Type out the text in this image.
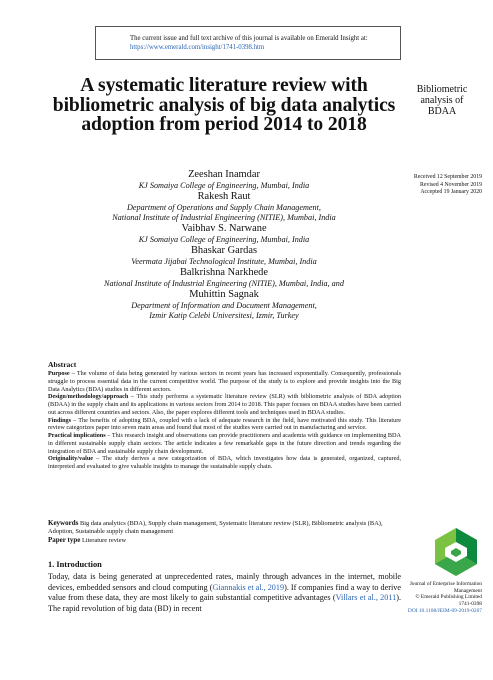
The current issue and full text archive of this journal is available on Emerald Insight at:
https://www.emerald.com/insight/1741-0398.htm
A systematic literature review with bibliometric analysis of big data analytics adoption from period 2014 to 2018
Bibliometric
analysis of
BDAA
Received 12 September 2019
Revised 4 November 2019
Accepted 19 January 2020
Zeeshan Inamdar
KJ Somaiya College of Engineering, Mumbai, India
Rakesh Raut
Department of Operations and Supply Chain Management,
National Institute of Industrial Engineering (NITIE), Mumbai, India
Vaibhav S. Narwane
KJ Somaiya College of Engineering, Mumbai, India
Bhaskar Gardas
Veermata Jijabai Technological Institute, Mumbai, India
Balkrishna Narkhede
National Institute of Industrial Engineering (NITIE), Mumbai, India, and
Muhittin Sagnak
Department of Information and Document Management,
Izmir Katip Celebi Universitesi, Izmir, Turkey
Abstract
Purpose – The volume of data being generated by various sectors in recent years has increased exponentially. Consequently, professionals struggle to process essential data in the current competitive world. The purpose of the study is to explore and provide insights into the Big Data Analytics (BDA) studies in different sectors.
Design/methodology/approach – This study performs a systematic literature review (SLR) with bibliometric analysis of BDA adoption (BDAA) in the supply chain and its applications in various sectors from 2014 to 2018. This paper focuses on BDAA studies have been carried out across different countries and sectors. Also, the paper explores different tools and techniques used in BDAA studies.
Findings – The benefits of adopting BDA, coupled with a lack of adequate research in the field, have motivated this study. This literature review categorizes paper into seven main areas and found that most of the studies were carried out in manufacturing and service.
Practical implications – This research insight and observations can provide practitioners and academia with guidance on implementing BDA in different sustainable supply chain sectors. The article indicates a few remarkable gaps in the future direction and trends regarding the integration of BDA and sustainable supply chain development.
Originality/value – The study derives a new categorization of BDA, which investigates how data is generated, organized, captured, interpreted and evaluated to give valuable insights to manage the sustainable supply chain.
Keywords Big data analytics (BDA), Supply chain management, Systematic literature review (SLR), Bibliometric analysis (BA), Adoption, Sustainable supply chain management
Paper type Literature review
1. Introduction
Today, data is being generated at unprecedented rates, mainly through advances in the internet, mobile devices, embedded sensors and cloud computing (Giannakis et al., 2019). If companies find a way to derive value from these data, they are most likely to gain substantial competitive advantages (Villars et al., 2011). The rapid revolution of big data (BD) in recent
Journal of Enterprise Information
Management
© Emerald Publishing Limited
1741-0398
DOI 10.1108/JEIM-09-2019-0267
